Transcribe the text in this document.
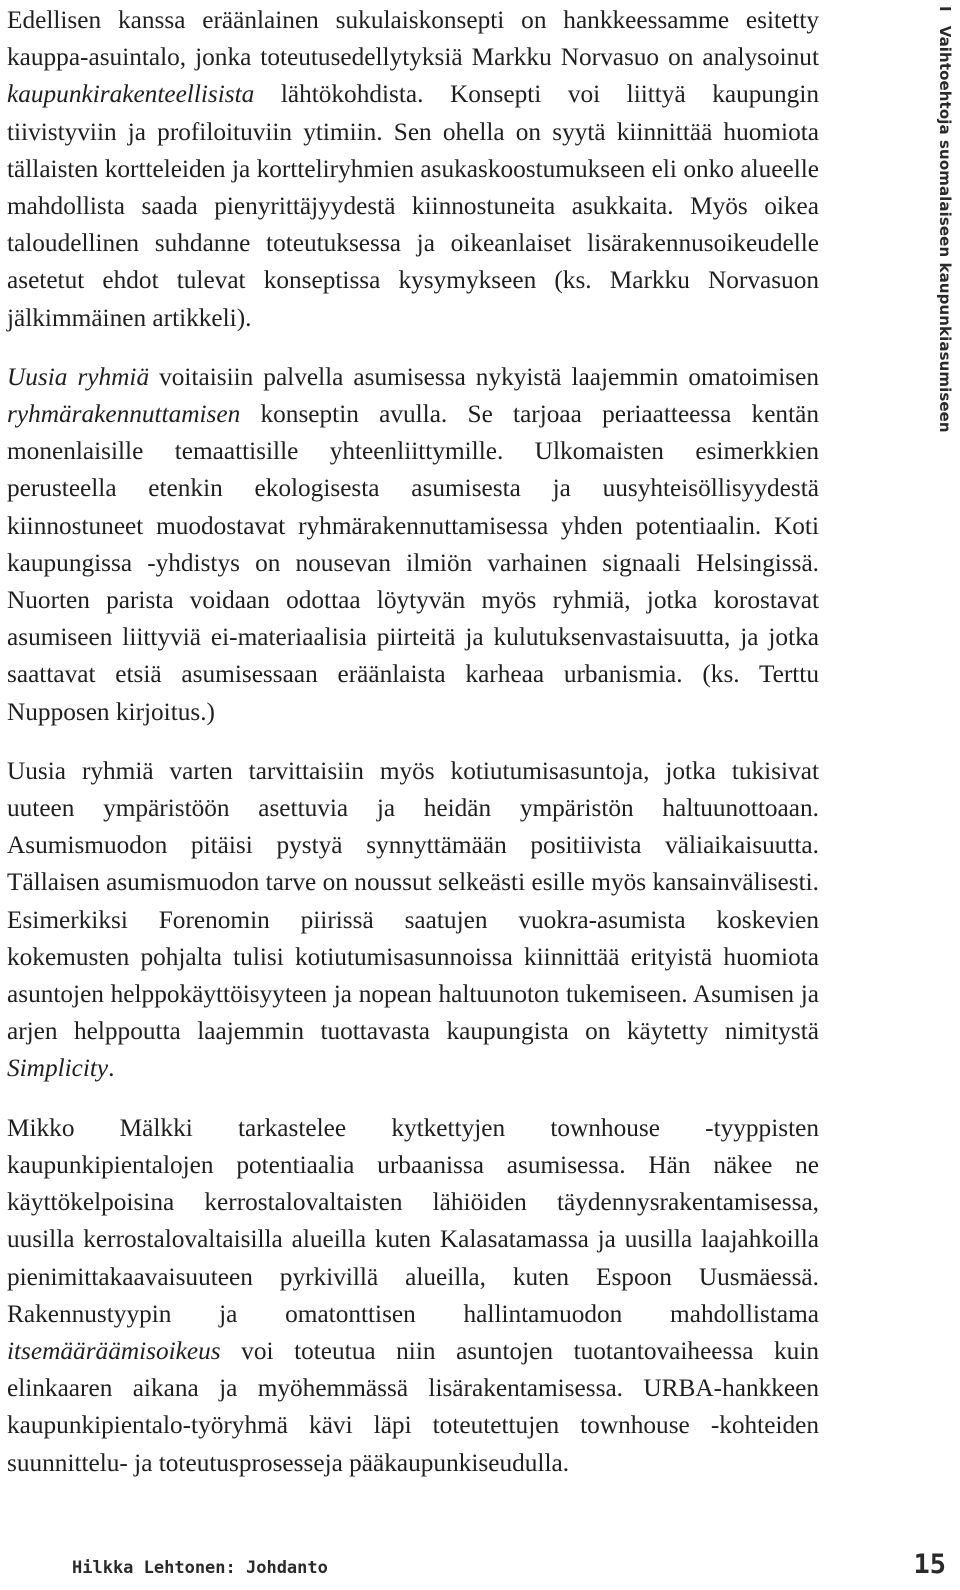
IVaihtoehtoja suomalaiseen kaupunkiasumiseen

Edellisen kanssa eräänlainen sukulaiskonsepti on hankkeessamme esitetty kauppa-asuintalo, jonka toteutusedellytyksiä Markku Norvasuo on analysoinut kaupunkirakenteellisista lähtökohdista. Konsepti voi liittyä kaupungin tiivistyviin ja profiloituviin ytimiin. Sen ohella on syytä kiinnittää huomiota tällaisten kortteleiden ja kortteliryhmien asukaskoostumukseen eli onko alueelle mahdollista saada pienyrittäjyydestä kiinnostuneita asukkaita. Myös oikea taloudellinen suhdanne toteutuksessa ja oikeanlaiset lisärakennusoikeudelle asetetut ehdot tulevat konseptissa kysymykseen (ks. Markku Norvasuon jälkimmäinen artikkeli).

Uusia ryhmiä voitaisiin palvella asumisessa nykyistä laajemmin omatoimisen ryhmärakennuttamisen konseptin avulla. Se tarjoaa periaatteessa kentän monenlaisille temaattisille yhteenliittymille. Ulkomaisten esimerkkien perusteella etenkin ekologisesta asumisesta ja uusyhteisöllisyydestä kiinnostuneet muodostavat ryhmärakennuttamisessa yhden potentiaalin. Koti kaupungissa -yhdistys on nousevan ilmiön varhainen signaali Helsingissä. Nuorten parista voidaan odottaa löytyvän myös ryhmiä, jotka korostavat asumiseen liittyviä ei-materiaalisia piirteitä ja kulutuksenvastaisuutta, ja jotka saattavat etsiä asumisessaan eräänlaista karheaa urbanismia. (ks. Terttu Nupposen kirjoitus.)

Uusia ryhmiä varten tarvittaisiin myös kotiutumisasuntoja, jotka tukisivat uuteen ympäristöön asettuvia ja heidän ympäristön haltuunottoaan. Asumismuodon pitäisi pystyä synnyttämään positiivista väliaikaisuutta. Tällaisen asumismuodon tarve on noussut selkeästi esille myös kansainvälisesti. Esimerkiksi Forenomin piirissä saatujen vuokra-asumista koskevien kokemusten pohjalta tulisi kotiutumisasunnoissa kiinnittää erityistä huomiota asuntojen helppokäyttöisyyteen ja nopean haltuunoton tukemiseen. Asumisen ja arjen helppoutta laajemmin tuottavasta kaupungista on käytetty nimitystä Simplicity.

Mikko Mälkki tarkastelee kytkettyjen townhouse -tyyppisten kaupunkipientalojen potentiaalia urbaanissa asumisessa. Hän näkee ne käyttökelpoisina kerrostalovaltaisten lähiöiden täydennysrakentamisessa, uusilla kerrostalovaltaisilla alueilla kuten Kalasatamassa ja uusilla laajahkoilla pienimittakaavaisuuteen pyrkivillä alueilla, kuten Espoon Uusmäessä. Rakennustyypin ja omatonttisen hallintamuodon mahdollistama itsemääräämisoikeus voi toteutua niin asuntojen tuotantovaiheessa kuin elinkaaren aikana ja myöhemmässä lisärakentamisessa. URBA-hankkeen kaupunkipientalo-työryhmä kävi läpi toteutettujen townhouse -kohteiden suunnittelu- ja toteutusprosesseja pääkaupunkiseudulla.

Hilkka Lehtonen: Johdanto	15
